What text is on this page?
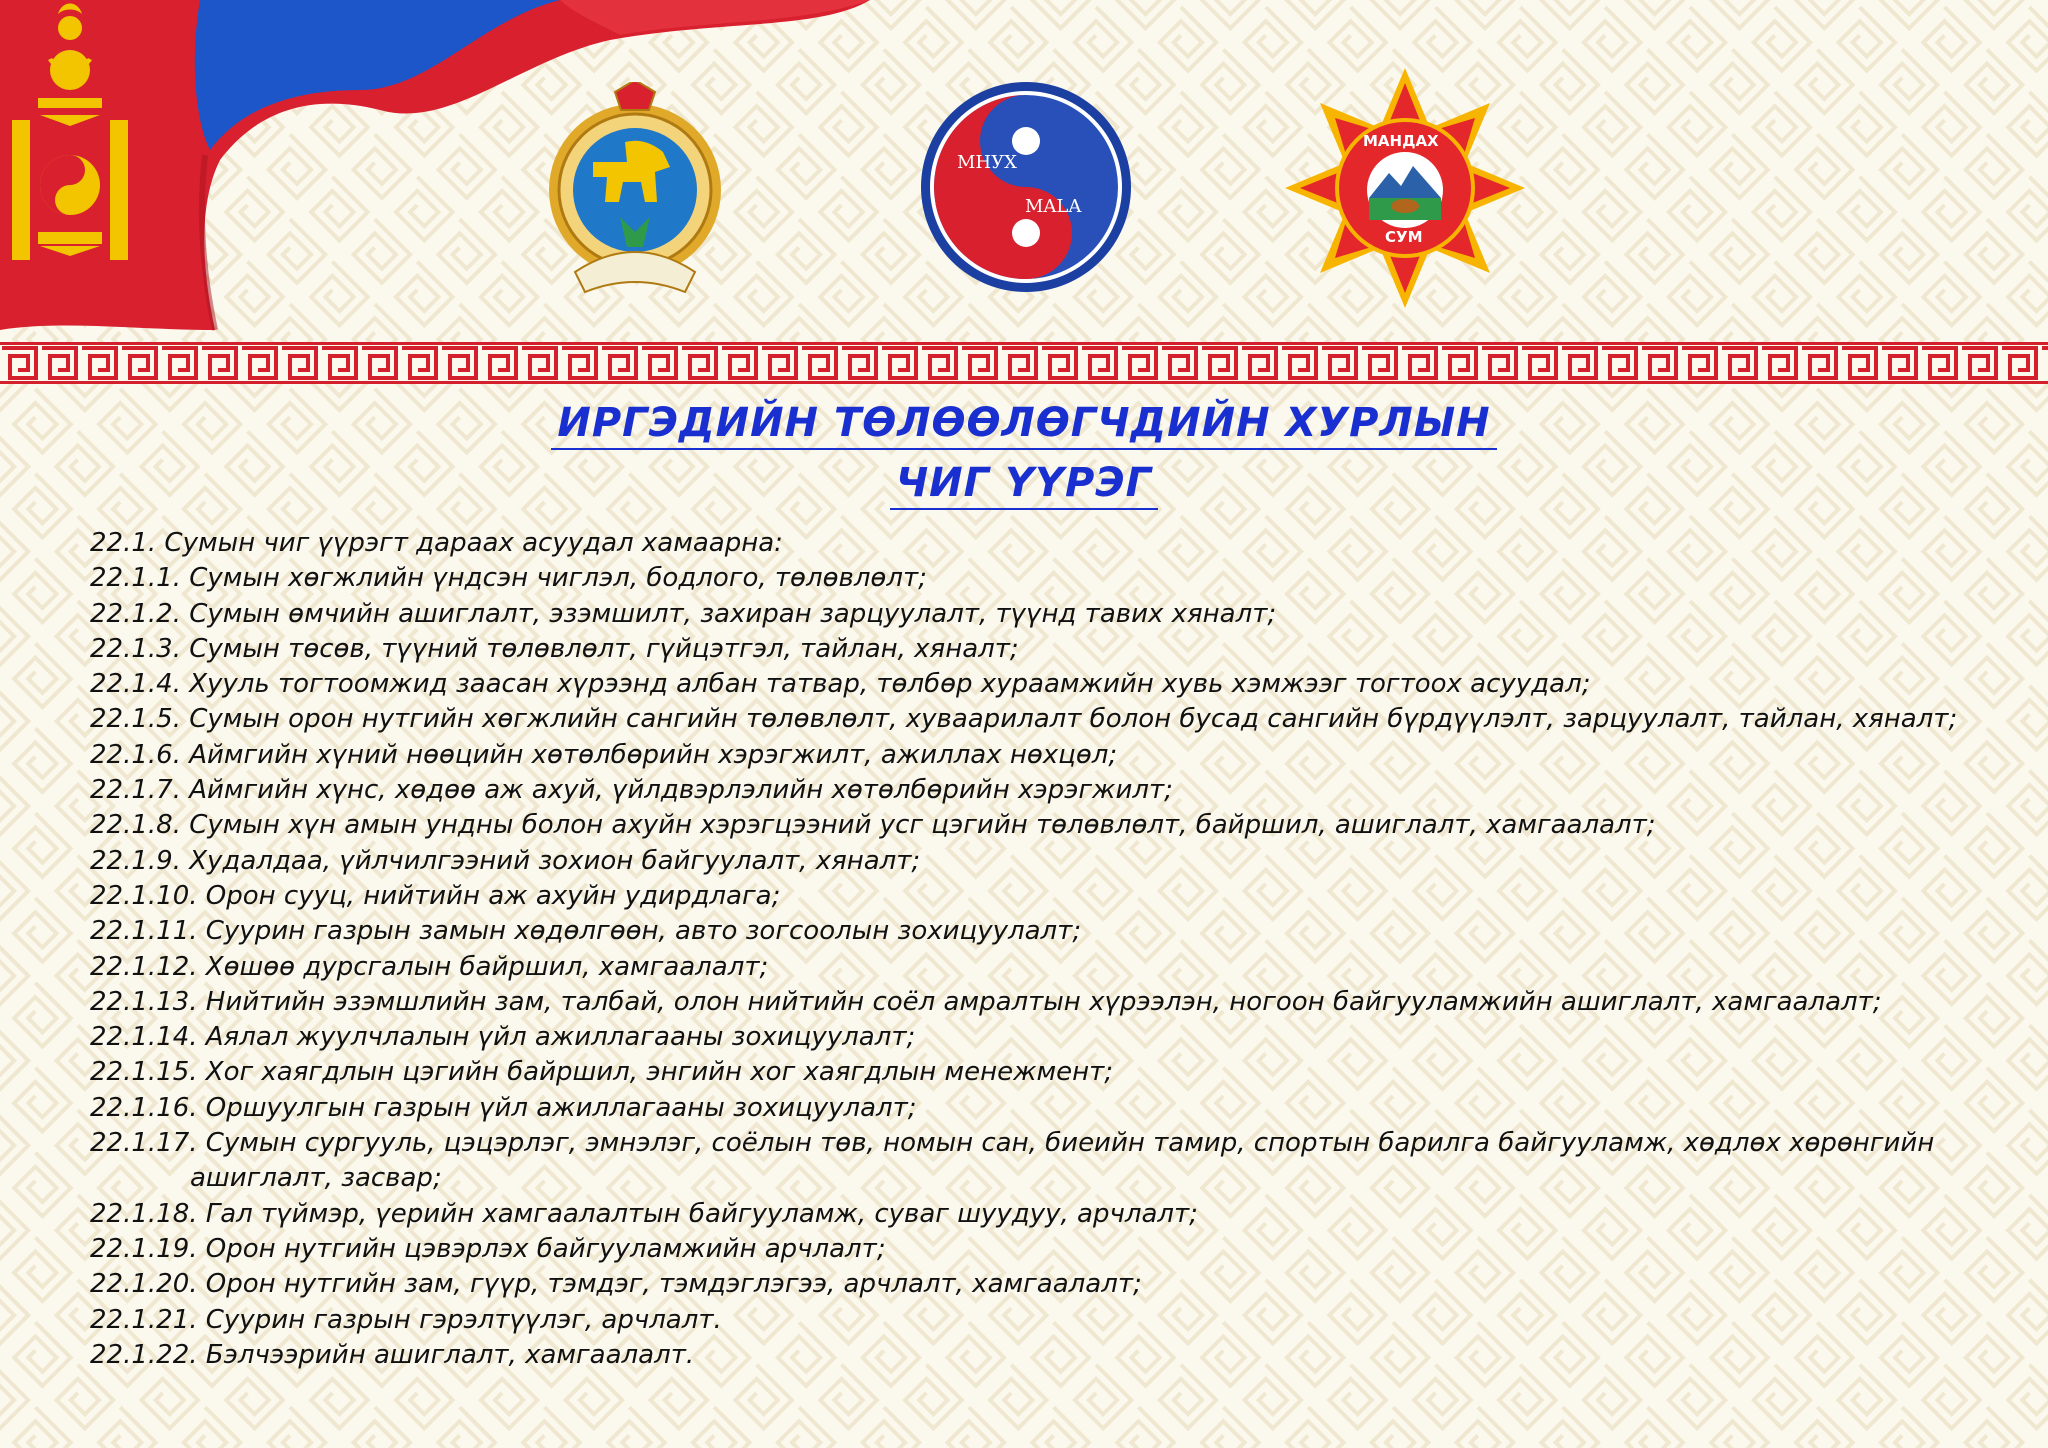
МНУХ
MALA
МАНДАХ
СУМ
ИРГЭДИЙН ТӨЛӨӨЛӨГЧДИЙН ХУРЛЫН
ЧИГ ҮҮРЭГ
22.1. Сумын чиг үүрэгт дараах асуудал хамаарна:
22.1.1. Сумын хөгжлийн үндсэн чиглэл, бодлого, төлөвлөлт;
22.1.2. Сумын өмчийн ашиглалт, эзэмшилт, захиран зарцуулалт, түүнд тавих хяналт;
22.1.3. Сумын төсөв, түүний төлөвлөлт, гүйцэтгэл, тайлан, хяналт;
22.1.4. Хууль тогтоомжид заасан хүрээнд албан татвар, төлбөр хураамжийн хувь хэмжээг тогтоох асуудал;
22.1.5. Сумын орон нутгийн хөгжлийн сангийн төлөвлөлт, хуваарилалт болон бусад сангийн бүрдүүлэлт, зарцуулалт, тайлан, хяналт;
22.1.6. Аймгийн хүний нөөцийн хөтөлбөрийн хэрэгжилт, ажиллах нөхцөл;
22.1.7. Аймгийн хүнс, хөдөө аж ахуй, үйлдвэрлэлийн хөтөлбөрийн хэрэгжилт;
22.1.8. Сумын хүн амын ундны болон ахуйн хэрэгцээний усг цэгийн төлөвлөлт, байршил, ашиглалт, хамгаалалт;
22.1.9. Худалдаа, үйлчилгээний зохион байгуулалт, хяналт;
22.1.10. Орон сууц, нийтийн аж ахуйн удирдлага;
22.1.11. Суурин газрын замын хөдөлгөөн, авто зогсоолын зохицуулалт;
22.1.12. Хөшөө дурсгалын байршил, хамгаалалт;
22.1.13. Нийтийн эзэмшлийн зам, талбай, олон нийтийн соёл амралтын хүрээлэн, ногоон байгууламжийн ашиглалт, хамгаалалт;
22.1.14. Аялал жуулчлалын үйл ажиллагааны зохицуулалт;
22.1.15. Хог хаягдлын цэгийн байршил, энгийн хог хаягдлын менежмент;
22.1.16. Оршуулгын газрын үйл ажиллагааны зохицуулалт;
22.1.17. Сумын сургууль, цэцэрлэг, эмнэлэг, соёлын төв, номын сан, биеийн тамир, спортын барилга байгууламж, хөдлөх хөрөнгийн ашиглалт, засвар;
22.1.18. Гал түймэр, үерийн хамгаалалтын байгууламж, суваг шуудуу, арчлалт;
22.1.19. Орон нутгийн цэвэрлэх байгууламжийн арчлалт;
22.1.20. Орон нутгийн зам, гүүр, тэмдэг, тэмдэглэгээ, арчлалт, хамгаалалт;
22.1.21. Суурин газрын гэрэлтүүлэг, арчлалт.
22.1.22. Бэлчээрийн ашиглалт, хамгаалалт.
